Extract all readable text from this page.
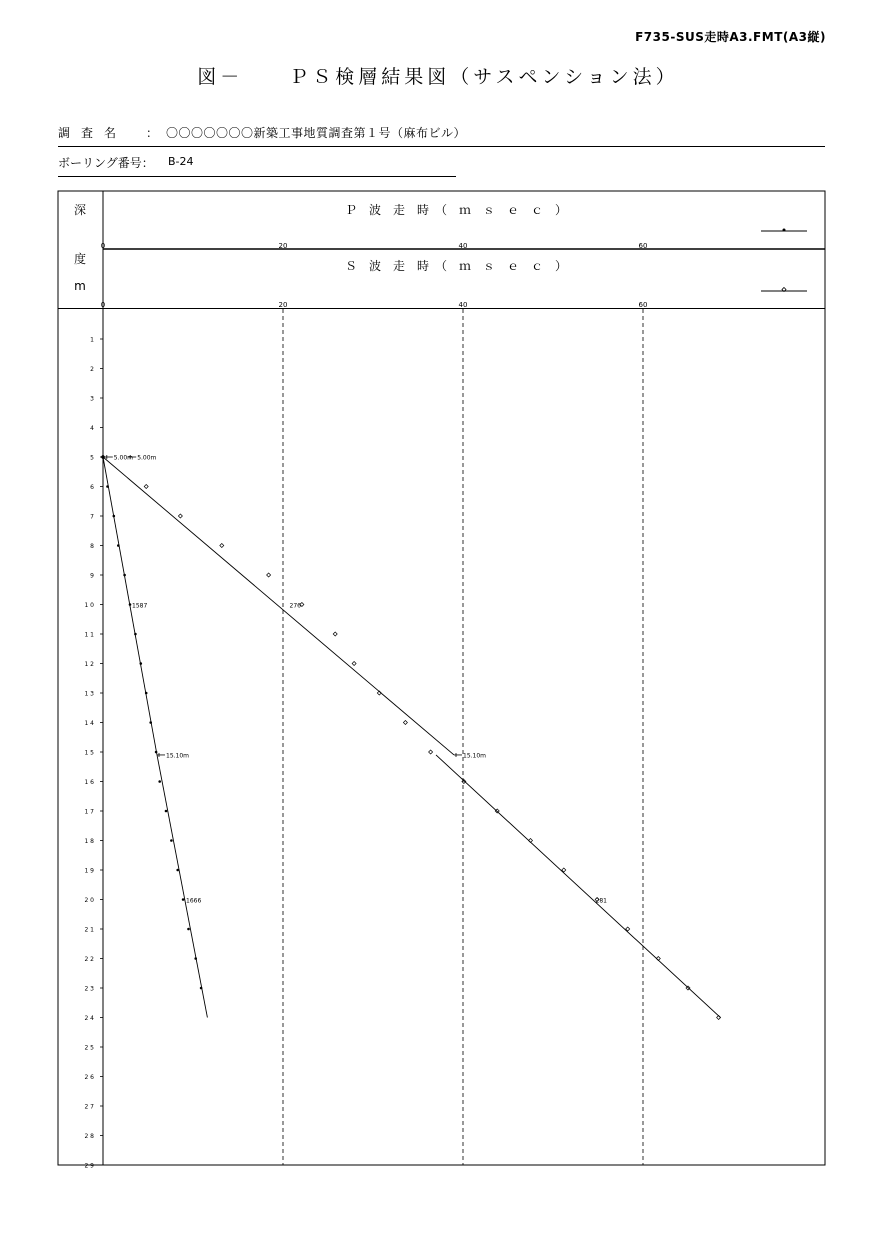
F735-SUS走時A3.FMT(A3縦)
図－　　ＰＳ検層結果図（サスペンション法）
調査名 ： 〇〇〇〇〇〇〇新築工事地質調査第１号（麻布ビル）
ボーリング番号： B-24
深
度
m
Ｐ　波　走　時　（　ｍ　ｓ　ｅ　ｃ　）
Ｓ　波　走　時　（　ｍ　ｓ　ｅ　ｃ　）
0
0
20
20
40
40
60
60
1
2
3
4
5
6
7
8
9
1 0
1 1
1 2
1 3
1 4
1 5
1 6
1 7
1 8
1 9
2 0
2 1
2 2
2 3
2 4
2 5
2 6
2 7
2 8
2 9
5.00m
15.10m
1587
1666
5.00m
15.10m
276
281
